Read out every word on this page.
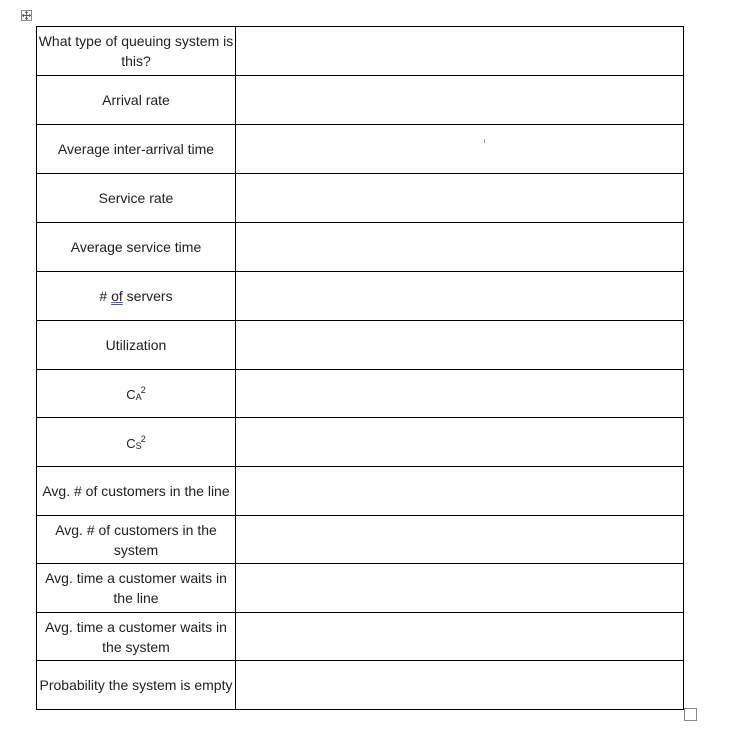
What type of queuing system is this?	
Arrival rate	
Average inter-arrival time	
Service rate	
Average service time	
# of servers	
Utilization	
$C_A^2$	
$C_S^2$	
Avg. # of customers in the line	
Avg. # of customers in the system	
Avg. time a customer waits in the line	
Avg. time a customer waits in the system	
Probability the system is empty	
